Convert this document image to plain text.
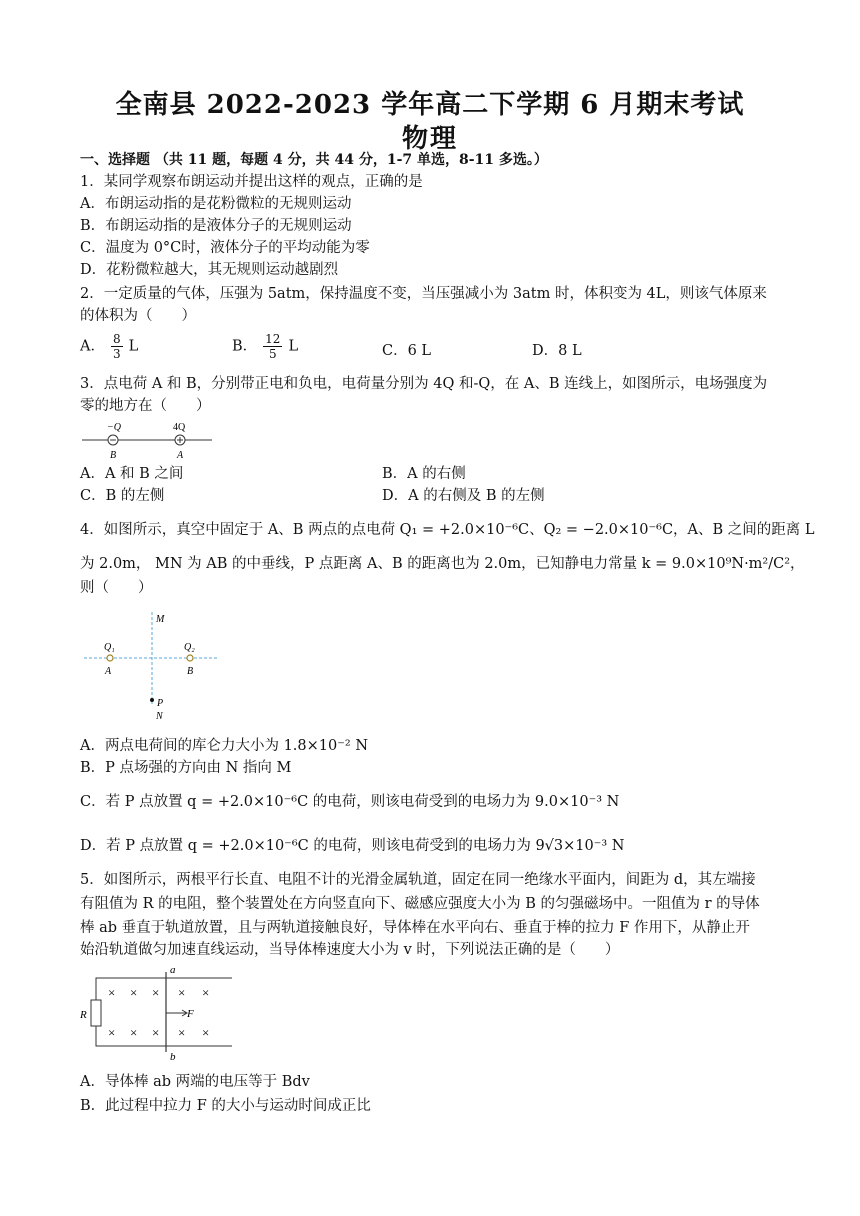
全南县 2022-2023 学年高二下学期 6 月期末考试
物理
一、选择题 （共 11 题，每题 4 分，共 44 分，1-7 单选，8-11 多选。）
1．某同学观察布朗运动并提出这样的观点，正确的是
A．布朗运动指的是花粉微粒的无规则运动
B．布朗运动指的是液体分子的无规则运动
C．温度为 0°C时，液体分子的平均动能为零
D．花粉微粒越大，其无规则运动越剧烈
2．一定质量的气体，压强为 5atm，保持温度不变，当压强减小为 3atm 时，体积变为 4L，则该气体原来
的体积为（　　）
A． $\frac{8}{3}$ L	B． $\frac{12}{5}$ L	C．6 L	D．8 L
3．点电荷 A 和 B，分别带正电和负电，电荷量分别为 4Q 和-Q，在 A、B 连线上，如图所示，电场强度为
零的地方在（　　）
−Q	4Q
B	A
A．A 和 B 之间	B．A 的右侧
C．B 的左侧	D．A 的右侧及 B 的左侧
4．如图所示，真空中固定于 A、B 两点的点电荷 Q₁ = +2.0×10⁻⁶C、Q₂ = −2.0×10⁻⁶C，A、B 之间的距离 L
为 2.0m， MN 为 AB 的中垂线，P 点距离 A、B 的距离也为 2.0m，已知静电力常量 k = 9.0×10⁹N·m²/C²，
则（　　）
M
Q₁	Q₂
A	B
P
N
A．两点电荷间的库仑力大小为 1.8×10⁻² N
B．P 点场强的方向由 N 指向 M
C．若 P 点放置 q = +2.0×10⁻⁶C 的电荷，则该电荷受到的电场力为 9.0×10⁻³ N
D．若 P 点放置 q = +2.0×10⁻⁶C 的电荷，则该电荷受到的电场力为 9√3×10⁻³ N
5．如图所示，两根平行长直、电阻不计的光滑金属轨道，固定在同一绝缘水平面内，间距为 d，其左端接
有阻值为 R 的电阻，整个装置处在方向竖直向下、磁感应强度大小为 B 的匀强磁场中。一阻值为 r 的导体
棒 ab 垂直于轨道放置，且与两轨道接触良好，导体棒在水平向右、垂直于棒的拉力 F 作用下，从静止开
始沿轨道做匀加速直线运动，当导体棒速度大小为 v 时，下列说法正确的是（　　）
R
a
b
F
× × × × ×
× × × × ×
A．导体棒 ab 两端的电压等于 Bdv
B．此过程中拉力 F 的大小与运动时间成正比
